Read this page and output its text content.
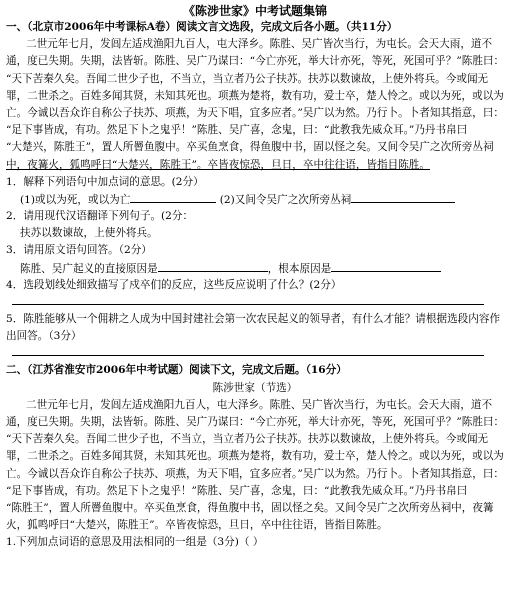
《陈涉世家》中考试题集锦
一、（北京市2006年中考课标A卷）阅读文言文选段，完成文后各小题。（共11分）
二世元年七月，发闾左适戍渔阳九百人，屯大泽乡。陈胜、吴广皆次当行，为屯长。会天大雨，道不
通，度已失期。失期，法皆斩。陈胜、吴广乃谋曰：“今亡亦死，举大计亦死，等死，死国可乎？”陈胜曰：
“天下苦秦久矣。吾闻二世少子也，不当立，当立者乃公子扶苏。扶苏以数谏故，上使外将兵。今或闻无
罪，二世杀之。百姓多闻其贤，未知其死也。项燕为楚将，数有功，爱士卒，楚人怜之。或以为死，或以为
亡。今诚以吾众诈自称公子扶苏、项燕，为天下唱，宜多应者。”吴广以为然。乃行卜。卜者知其指意，曰：
“足下事皆成，有功。然足下卜之鬼乎！”陈胜、吴广喜，念鬼，曰：“此教我先威众耳。”乃丹书帛曰
“大楚兴，陈胜王”，置人所罾鱼腹中。卒买鱼烹食，得鱼腹中书，固以怪之矣。又间令吴广之次所旁丛祠
中，夜篝火，狐鸣呼曰“大楚兴，陈胜王”。卒皆夜惊恐，旦日，卒中往往语，皆指目陈胜。
1．解释下列语句中加点词的意思。(2分）
(1)或以为死，或以为亡	(2)又间令吴广之次所旁丛祠
2．请用现代汉语翻译下列句子。(2分：
扶苏以数谏故，上使外将兵。
3．请用原文语句回答。（2分）
陈胜、吴广起义的直接原因是	，根本原因是
4．选段划线处细致描写了戍卒们的反应，这些反应说明了什么？(2分）
5．陈胜能够从一个佣耕之人成为中国封建社会第一次农民起义的领导者，有什么才能？请根据选段内容作
出回答。（3分）
二、（江苏省淮安市2006年中考试题）阅读下文，完成文后题。（16分）
陈涉世家（节选）
二世元年七月，发闾左适戍渔阳九百人，屯大泽乡。陈胜、吴广皆次当行，为屯长。会天大雨，道不
通，度已失期。失期，法皆斩。陈胜、吴广乃谋曰：“今亡亦死，举大计亦死，等死，死国可乎？”陈胜曰：
“天下苦秦久矣。吾闻二世少子也，不当立，当立者乃公子扶苏。扶苏以数谏故，上使外将兵。今或闻无
罪，二世杀之。百姓多闻其贤，未知其死也。项燕为楚将，数有功，爱士卒，楚人怜之。或以为死，或以为
亡。今诚以吾众诈自称公子扶苏、项燕，为天下唱，宜多应者。”吴广以为然。乃行卜。卜者知其指意，曰：
“足下事皆成，有功。然足下卜之鬼乎！”陈胜、吴广喜，念鬼，曰：“此教我先威众耳。”乃丹书帛曰
“陈胜王”，置人所罾鱼腹中。卒买鱼烹食，得鱼腹中书，固以怪之矣。又间令吴广之次所旁丛祠中，夜篝
火，狐鸣呼曰“大楚兴，陈胜王”。卒皆夜惊恐，旦日，卒中往往语，皆指目陈胜。
1.下列加点词语的意思及用法相同的一组是（3分)（ ）
